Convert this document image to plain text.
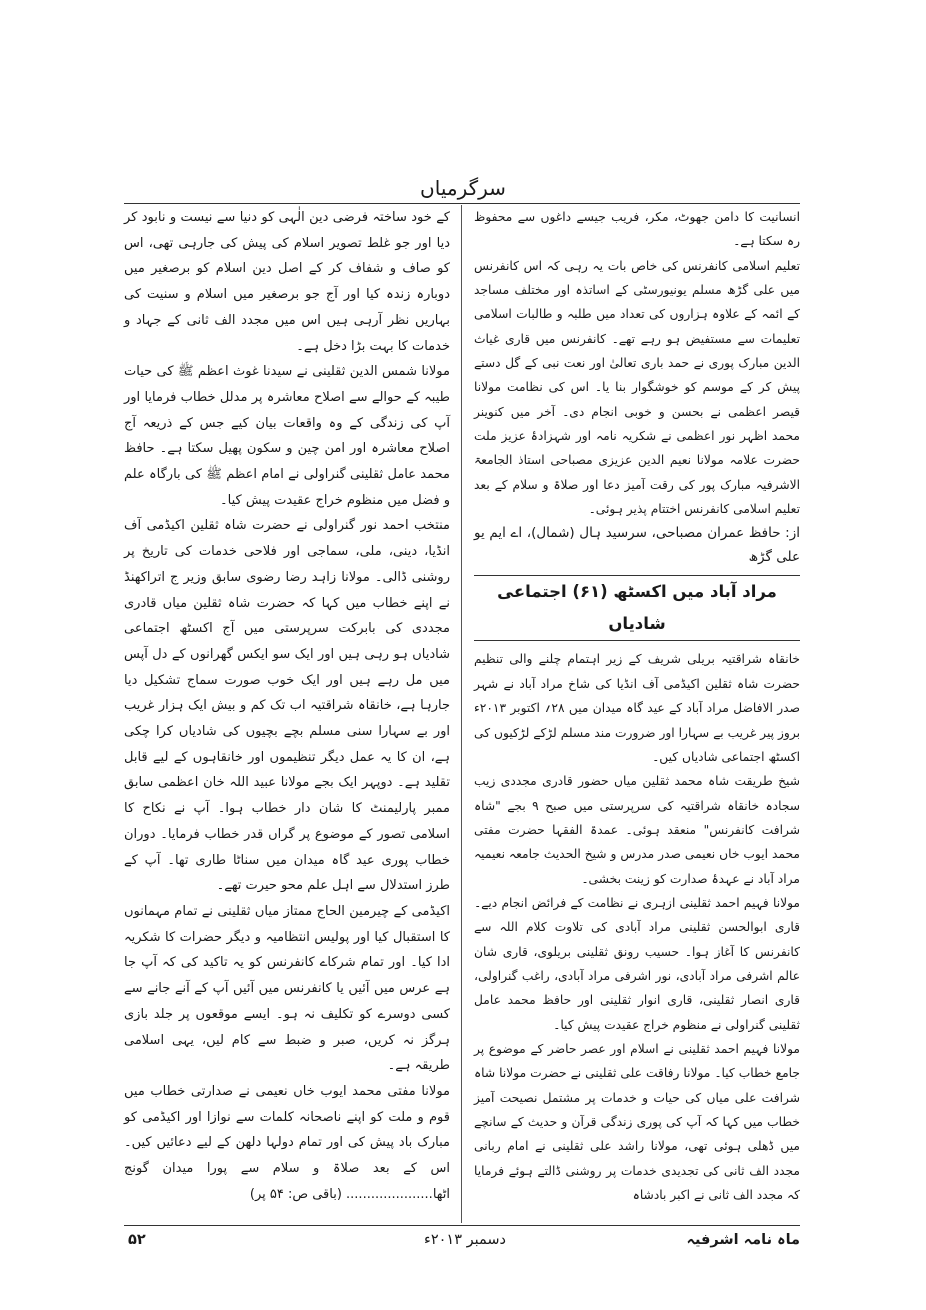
سرگرمیاں

انسانیت کا دامن جھوٹ، مکر، فریب جیسے داغوں سے محفوظ رہ سکتا ہے۔

تعلیم اسلامی کانفرنس کی خاص بات یہ رہی کہ اس کانفرنس میں علی گڑھ مسلم یونیورسٹی کے اساتذہ اور مختلف مساجد کے ائمہ کے علاوہ ہزاروں کی تعداد میں طلبہ و طالبات اسلامی تعلیمات سے مستفیض ہو رہے تھے۔ کانفرنس میں قاری غیاث الدین مبارک پوری نے حمد باری تعالیٰ اور نعت نبی کے گل دستے پیش کر کے موسم کو خوشگوار بنا یا۔ اس کی نظامت مولانا قیصر اعظمی نے بحسن و خوبی انجام دی۔ آخر میں کنوینر محمد اظہر نور اعظمی نے شکریہ نامہ اور شہزادۂ عزیز ملت حضرت علامہ مولانا نعیم الدین عزیزی مصباحی استاذ الجامعۃ الاشرفیہ مبارک پور کی رقت آمیز دعا اور صلاۃ و سلام کے بعد تعلیم اسلامی کانفرنس اختتام پذیر ہوئی۔

از: حافظ عمران مصباحی، سرسید ہال (شمال)، اے ایم یو علی گڑھ

مراد آباد میں اکسٹھ (۶۱) اجتماعی شادیاں

خانقاہ شراقتیہ بریلی شریف کے زیر اہتمام چلنے والی تنظیم حضرت شاہ ثقلین اکیڈمی آف انڈیا کی شاخ مراد آباد نے شہر صدر الافاضل مراد آباد کے عید گاہ میدان میں ۲۸؍ اکتوبر ۲۰۱۳ء بروز پیر غریب بے سہارا اور ضرورت مند مسلم لڑکے لڑکیوں کی اکسٹھ اجتماعی شادیاں کیں۔

شیخ طریقت شاہ محمد ثقلین میاں حضور قادری مجددی زیب سجادہ خانقاہ شراقتیہ کی سرپرستی میں صبح ۹ بجے "شاہ شرافت کانفرنس" منعقد ہوئی۔ عمدۃ الفقہا حضرت مفتی محمد ایوب خاں نعیمی صدر مدرس و شیخ الحدیث جامعہ نعیمیہ مراد آباد نے عہدۂ صدارت کو زینت بخشی۔

مولانا فہیم احمد ثقلینی ازہری نے نظامت کے فرائض انجام دیے۔ قاری ابوالحسن ثقلینی مراد آبادی کی تلاوت کلام اللہ سے کانفرنس کا آغاز ہوا۔ حسیب رونق ثقلینی بریلوی، قاری شان عالم اشرفی مراد آبادی، نور اشرفی مراد آبادی، راغب گنراولی، قاری انصار ثقلینی، قاری انوار ثقلینی اور حافظ محمد عامل ثقلینی گنراولی نے منظوم خراج عقیدت پیش کیا۔

مولانا فہیم احمد ثقلینی نے اسلام اور عصر حاضر کے موضوع پر جامع خطاب کیا۔ مولانا رفاقت علی ثقلینی نے حضرت مولانا شاہ شرافت علی میاں کی حیات و خدمات پر مشتمل نصیحت آمیز خطاب میں کہا کہ آپ کی پوری زندگی قرآن و حدیث کے سانچے میں ڈھلی ہوئی تھی، مولانا راشد علی ثقلینی نے امام ربانی مجدد الف ثانی کی تجدیدی خدمات پر روشنی ڈالتے ہوئے فرمایا کہ مجدد الف ثانی نے اکبر بادشاہ

کے خود ساختہ فرضی دین الٰہی کو دنیا سے نیست و نابود کر دیا اور جو غلط تصویر اسلام کی پیش کی جارہی تھی، اس کو صاف و شفاف کر کے اصل دین اسلام کو برصغیر میں دوبارہ زندہ کیا اور آج جو برصغیر میں اسلام و سنیت کی بہاریں نظر آرہی ہیں اس میں مجدد الف ثانی کے جہاد و خدمات کا بہت بڑا دخل ہے۔

مولانا شمس الدین ثقلینی نے سیدنا غوث اعظم ﷺ کی حیات طیبہ کے حوالے سے اصلاح معاشرہ پر مدلل خطاب فرمایا اور آپ کی زندگی کے وہ واقعات بیان کیے جس کے ذریعہ آج اصلاح معاشرہ اور امن چین و سکون پھیل سکتا ہے۔ حافظ محمد عامل ثقلینی گنراولی نے امام اعظم ﷺ کی بارگاہ علم و فضل میں منظوم خراج عقیدت پیش کیا۔

منتخب احمد نور گنراولی نے حضرت شاہ ثقلین اکیڈمی آف انڈیا، دینی، ملی، سماجی اور فلاحی خدمات کی تاریخ پر روشنی ڈالی۔ مولانا زاہد رضا رضوی سابق وزیر ج اتراکھنڈ نے اپنے خطاب میں کہا کہ حضرت شاہ ثقلین میاں قادری مجددی کی بابرکت سرپرستی میں آج اکسٹھ اجتماعی شادیاں ہو رہی ہیں اور ایک سو ایکس گھرانوں کے دل آپس میں مل رہے ہیں اور ایک خوب صورت سماج تشکیل دیا جارہا ہے، خانقاہ شراقتیہ اب تک کم و بیش ایک ہزار غریب اور بے سہارا سنی مسلم بچے بچیوں کی شادیاں کرا چکی ہے، ان کا یہ عمل دیگر تنظیموں اور خانقاہوں کے لیے قابل تقلید ہے۔ دوپہر ایک بجے مولانا عبید اللہ خان اعظمی سابق ممبر پارلیمنٹ کا شان دار خطاب ہوا۔ آپ نے نکاح کا اسلامی تصور کے موضوع پر گراں قدر خطاب فرمایا۔ دوران خطاب پوری عید گاہ میدان میں سناٹا طاری تھا۔ آپ کے طرز استدلال سے اہل علم محو حیرت تھے۔

اکیڈمی کے چیرمین الحاج ممتاز میاں ثقلینی نے تمام مہمانوں کا استقبال کیا اور پولیس انتظامیہ و دیگر حضرات کا شکریہ ادا کیا۔ اور تمام شرکاے کانفرنس کو یہ تاکید کی کہ آپ جا ہے عرس میں آئیں یا کانفرنس میں آئیں آپ کے آنے جانے سے کسی دوسرے کو تکلیف نہ ہو۔ ایسے موقعوں پر جلد بازی ہرگز نہ کریں، صبر و ضبط سے کام لیں، یہی اسلامی طریقہ ہے۔

مولانا مفتی محمد ایوب خاں نعیمی نے صدارتی خطاب میں قوم و ملت کو اپنے ناصحانہ کلمات سے نوازا اور اکیڈمی کو مبارک باد پیش کی اور تمام دولہا دلھن کے لیے دعائیں کیں۔ اس کے بعد صلاۃ و سلام سے پورا میدان گونج اٹھا..................... (باقی ص: ۵۴ پر)

ماہ نامہ اشرفیہ
دسمبر ۲۰۱۳ء
۵۲
